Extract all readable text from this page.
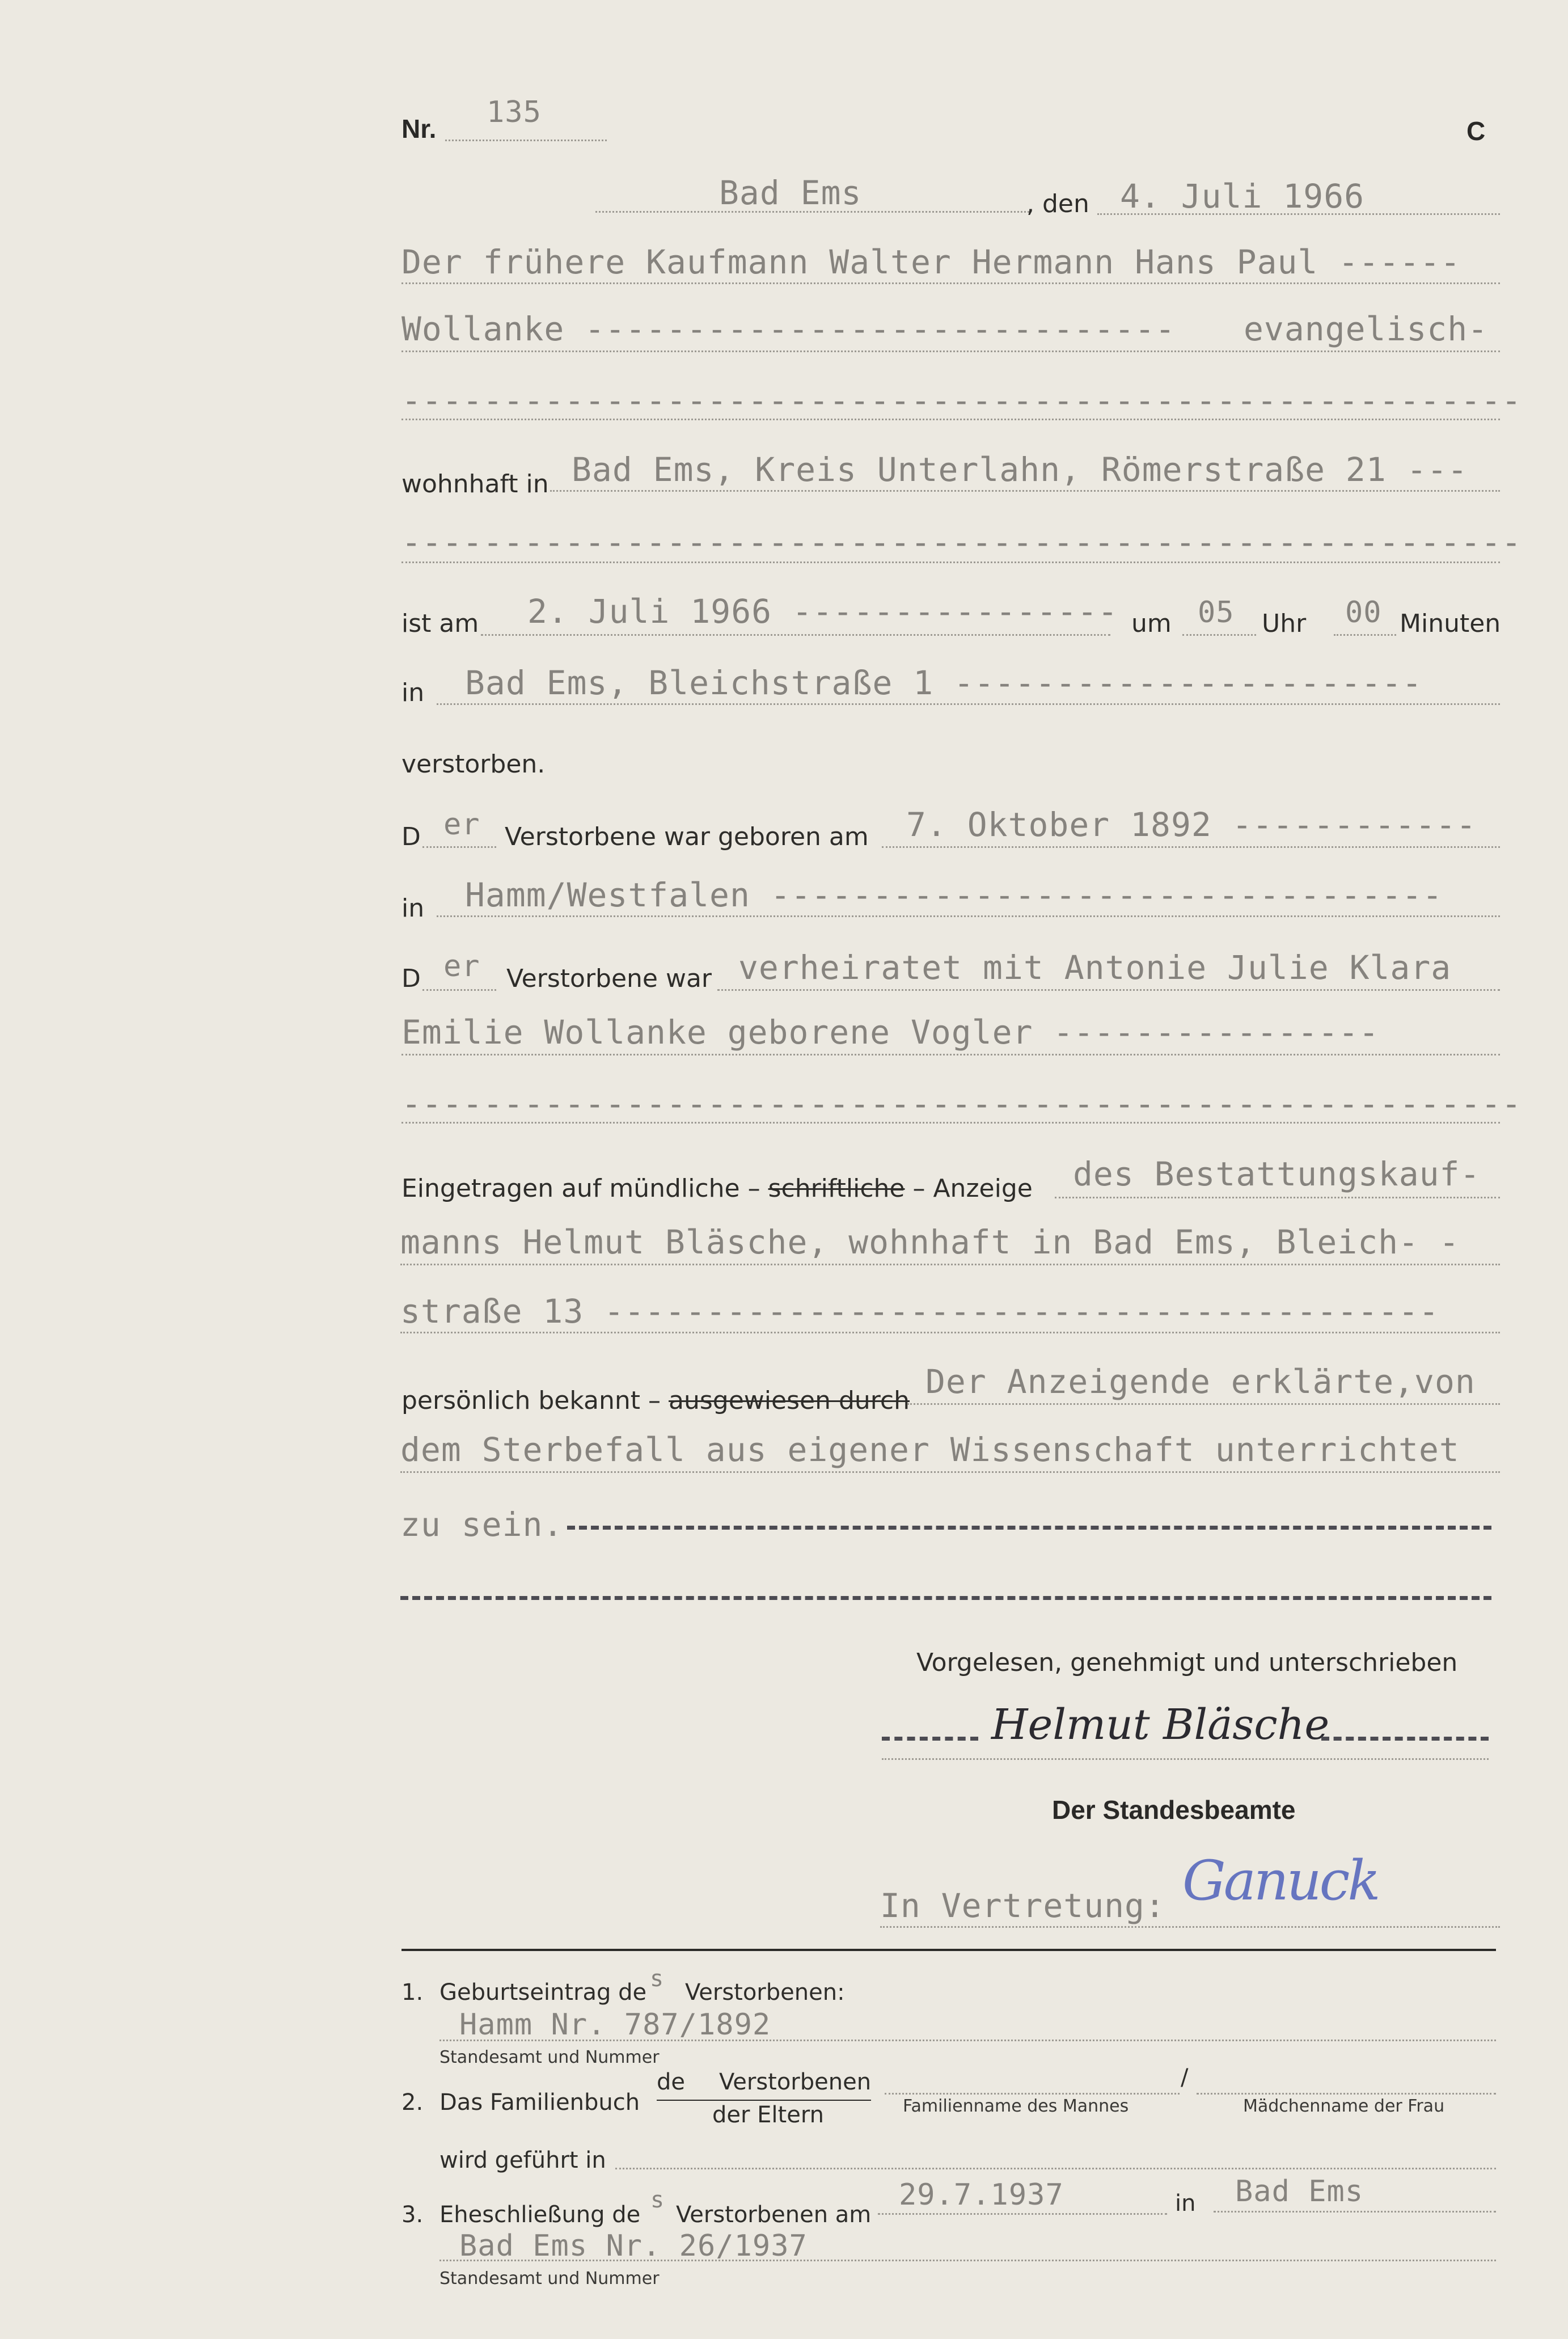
Nr. 135
C
Bad Ems	, den 4. Juli 1966
Der frühere Kaufmann Walter Hermann Hans Paul ------
Wollanke ----------------------------- evangelisch-
-------------------------------------------------------
wohnhaft in Bad Ems, Kreis Unterlahn, Römerstraße 21 ---
-------------------------------------------------------
ist am 2. Juli 1966 ---------------- um 05 Uhr 00 Minuten
in Bad Ems, Bleichstraße 1 -----------------------
verstorben.
D er Verstorbene war geboren am 7. Oktober 1892 ------------
in Hamm/Westfalen ---------------------------------
D er Verstorbene war verheiratet mit Antonie Julie Klara
Emilie Wollanke geborene Vogler ----------------
-------------------------------------------------------
Eingetragen auf mündliche – schriftliche – Anzeige des Bestattungskauf-
manns Helmut Bläsche, wohnhaft in Bad Ems, Bleich- -
straße 13 -----------------------------------------
persönlich bekannt – ausgewiesen durch Der Anzeigende erklärte,von
dem Sterbefall aus eigener Wissenschaft unterrichtet
zu sein.
Vorgelesen, genehmigt und unterschrieben
Helmut Bläsche
Der Standesbeamte
In Vertretung: Ganuck
1. Geburtseintrag de
s
Verstorbenen:
Hamm Nr. 787/1892
Standesamt und Nummer
2. Das Familienbuch
de Verstorbenen
der Eltern	Familienname des Mannes
/
Mädchenname der Frau
wird geführt in
3. Eheschließung de
s
Verstorbenen am
29.7.1937	in Bad Ems
Bad Ems Nr. 26/1937
Standesamt und Nummer
